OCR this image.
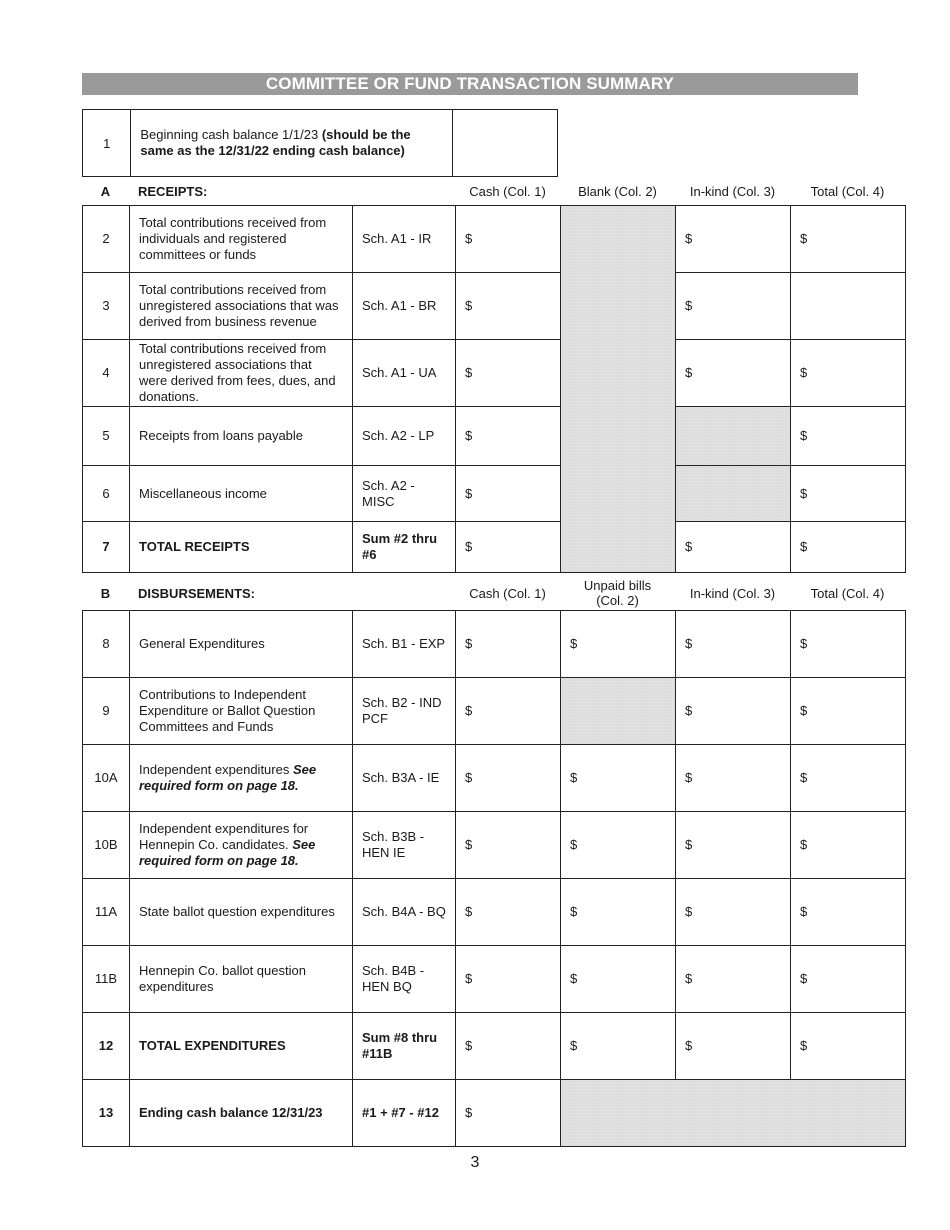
COMMITTEE OR FUND TRANSACTION SUMMARY
1	Beginning cash balance 1/1/23 (should be the same as the 12/31/22 ending cash balance)	
A	RECEIPTS:	Cash (Col. 1)	Blank (Col. 2)	In-kind (Col. 3)	Total (Col. 4)
2	Total contributions received from individuals and registered committees or funds	Sch. A1 - IR	$		$	$
3	Total contributions received from unregistered associations that was derived from business revenue	Sch. A1 - BR	$		$	
4	Total contributions received from unregistered associations that were derived from fees, dues, and donations.	Sch. A1 - UA	$		$	$
5	Receipts from loans payable	Sch. A2 - LP	$			$
6	Miscellaneous income	Sch. A2 - MISC	$			$
7	TOTAL RECEIPTS	Sum #2 thru #6	$		$	$
B	DISBURSEMENTS:	Cash (Col. 1)	Unpaid bills (Col. 2)	In-kind (Col. 3)	Total (Col. 4)
8	General Expenditures	Sch. B1 - EXP	$	$	$	$
9	Contributions to Independent Expenditure or Ballot Question Committees and Funds	Sch. B2 - IND PCF	$		$	$
10A	Independent expenditures See required form on page 18.	Sch. B3A - IE	$	$	$	$
10B	Independent expenditures for Hennepin Co. candidates. See required form on page 18.	Sch. B3B - HEN IE	$	$	$	$
11A	State ballot question expenditures	Sch. B4A - BQ	$	$	$	$
11B	Hennepin Co. ballot question expenditures	Sch. B4B - HEN BQ	$	$	$	$
12	TOTAL EXPENDITURES	Sum #8 thru #11B	$	$	$	$
13	Ending cash balance 12/31/23	#1 + #7 - #12	$			
3
